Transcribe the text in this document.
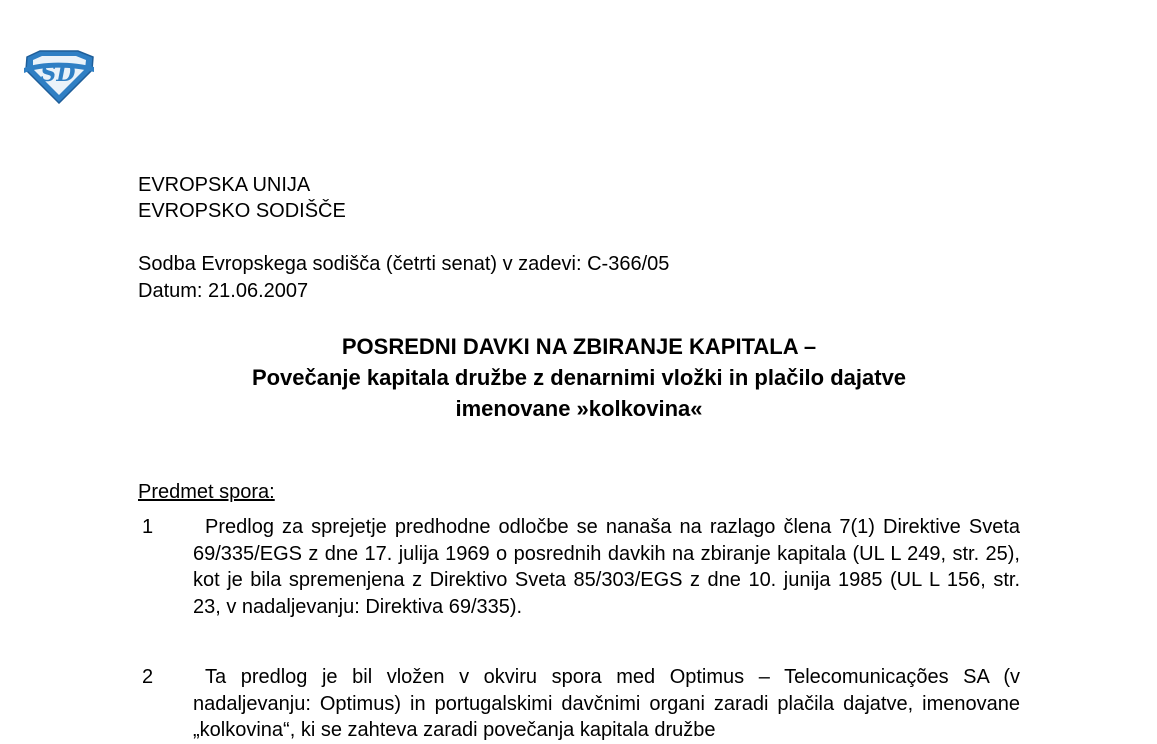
SD
EVROPSKA UNIJA
EVROPSKO SODIŠČE
Sodba Evropskega sodišča (četrti senat) v zadevi: C-366/05
Datum: 21.06.2007
POSREDNI DAVKI NA ZBIRANJE KAPITALA –
Povečanje kapitala družbe z denarnimi vložki in plačilo dajatve
imenovane »kolkovina«
Predmet spora:
1	Predlog za sprejetje predhodne odločbe se nanaša na razlago člena 7(1) Direktive Sveta 69/335/EGS z dne 17. julija 1969 o posrednih davkih na zbiranje kapitala (UL L 249, str. 25), kot je bila spremenjena z Direktivo Sveta 85/303/EGS z dne 10. junija 1985 (UL L 156, str. 23, v nadaljevanju: Direktiva 69/335).
2	Ta predlog je bil vložen v okviru spora med Optimus – Telecomunicações SA (v nadaljevanju: Optimus) in portugalskimi davčnimi organi zaradi plačila dajatve, imenovane „kolkovina“, ki se zahteva zaradi povečanja kapitala družbe
